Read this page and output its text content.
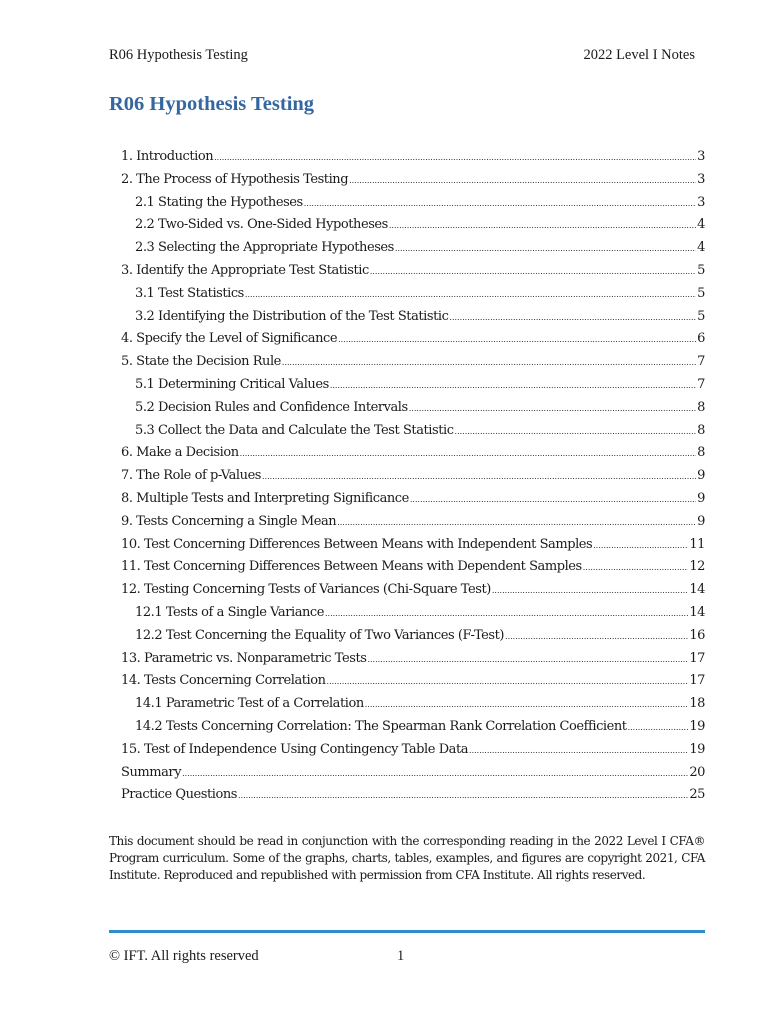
R06 Hypothesis Testing	2022 Level I Notes
R06 Hypothesis Testing
1. Introduction .....	3
2. The Process of Hypothesis Testing .....	3
2.1 Stating the Hypotheses .....	3
2.2 Two-Sided vs. One-Sided Hypotheses .....	4
2.3 Selecting the Appropriate Hypotheses .....	4
3. Identify the Appropriate Test Statistic .....	5
3.1 Test Statistics .....	5
3.2 Identifying the Distribution of the Test Statistic .....	5
4. Specify the Level of Significance .....	6
5. State the Decision Rule .....	7
5.1 Determining Critical Values .....	7
5.2 Decision Rules and Confidence Intervals .....	8
5.3 Collect the Data and Calculate the Test Statistic .....	8
6. Make a Decision .....	8
7. The Role of p-Values .....	9
8. Multiple Tests and Interpreting Significance .....	9
9. Tests Concerning a Single Mean .....	9
10. Test Concerning Differences Between Means with Independent Samples .....	11
11. Test Concerning Differences Between Means with Dependent Samples .....	12
12. Testing Concerning Tests of Variances (Chi-Square Test) .....	14
12.1 Tests of a Single Variance .....	14
12.2 Test Concerning the Equality of Two Variances (F-Test) .....	16
13. Parametric vs. Nonparametric Tests .....	17
14. Tests Concerning Correlation .....	17
14.1 Parametric Test of a Correlation .....	18
14.2 Tests Concerning Correlation: The Spearman Rank Correlation Coefficient .....	19
15. Test of Independence Using Contingency Table Data .....	19
Summary .....	20
Practice Questions .....	25

This document should be read in conjunction with the corresponding reading in the 2022 Level I CFA® Program curriculum. Some of the graphs, charts, tables, examples, and figures are copyright 2021, CFA Institute. Reproduced and republished with permission from CFA Institute. All rights reserved.

© IFT. All rights reserved	1
